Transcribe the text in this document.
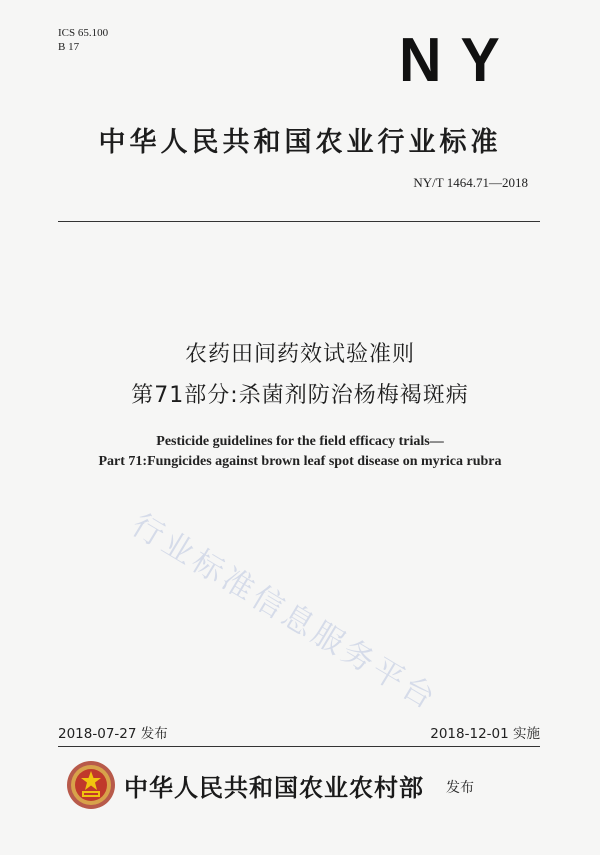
ICS 65.100
B 17	NY
中华人民共和国农业行业标准
NY/T 1464.71—2018
农药田间药效试验准则
第71部分:杀菌剂防治杨梅褐斑病
Pesticide guidelines for the field efficacy trials—
Part 71:Fungicides against brown leaf spot disease on myrica rubra
行业标准信息服务平台
2018-07-27 发布	2018-12-01 实施
中华人民共和国农业农村部 发布
